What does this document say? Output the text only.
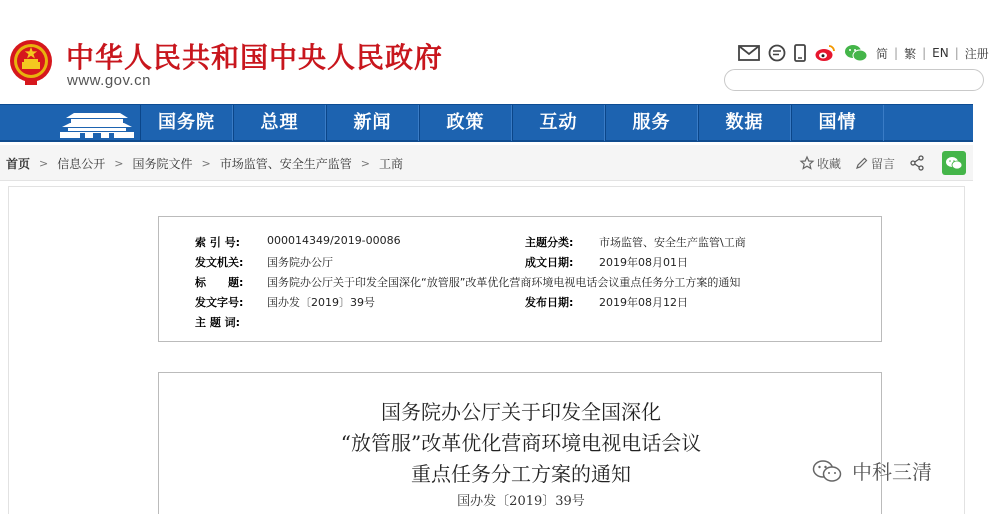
中华人民共和国中央人民政府
www.gov.cn
简 | 繁 | EN | 注册
国务院	总理	新闻	政策	互动	服务	数据	国情
首页 > 信息公开 > 国务院文件 > 市场监管、安全生产监管 > 工商	收藏	留言
索 引 号:	000014349/2019-00086	主题分类: 市场监管、安全生产监管\工商
发文机关:	国务院办公厅	成文日期: 2019年08月01日
标　　题:	国务院办公厅关于印发全国深化“放管服”改革优化营商环境电视电话会议重点任务分工方案的通知
发文字号:	国办发〔2019〕39号	发布日期: 2019年08月12日
主 题 词:
国务院办公厅关于印发全国深化
“放管服”改革优化营商环境电视电话会议
重点任务分工方案的通知
国办发〔2019〕39号
中科三清
